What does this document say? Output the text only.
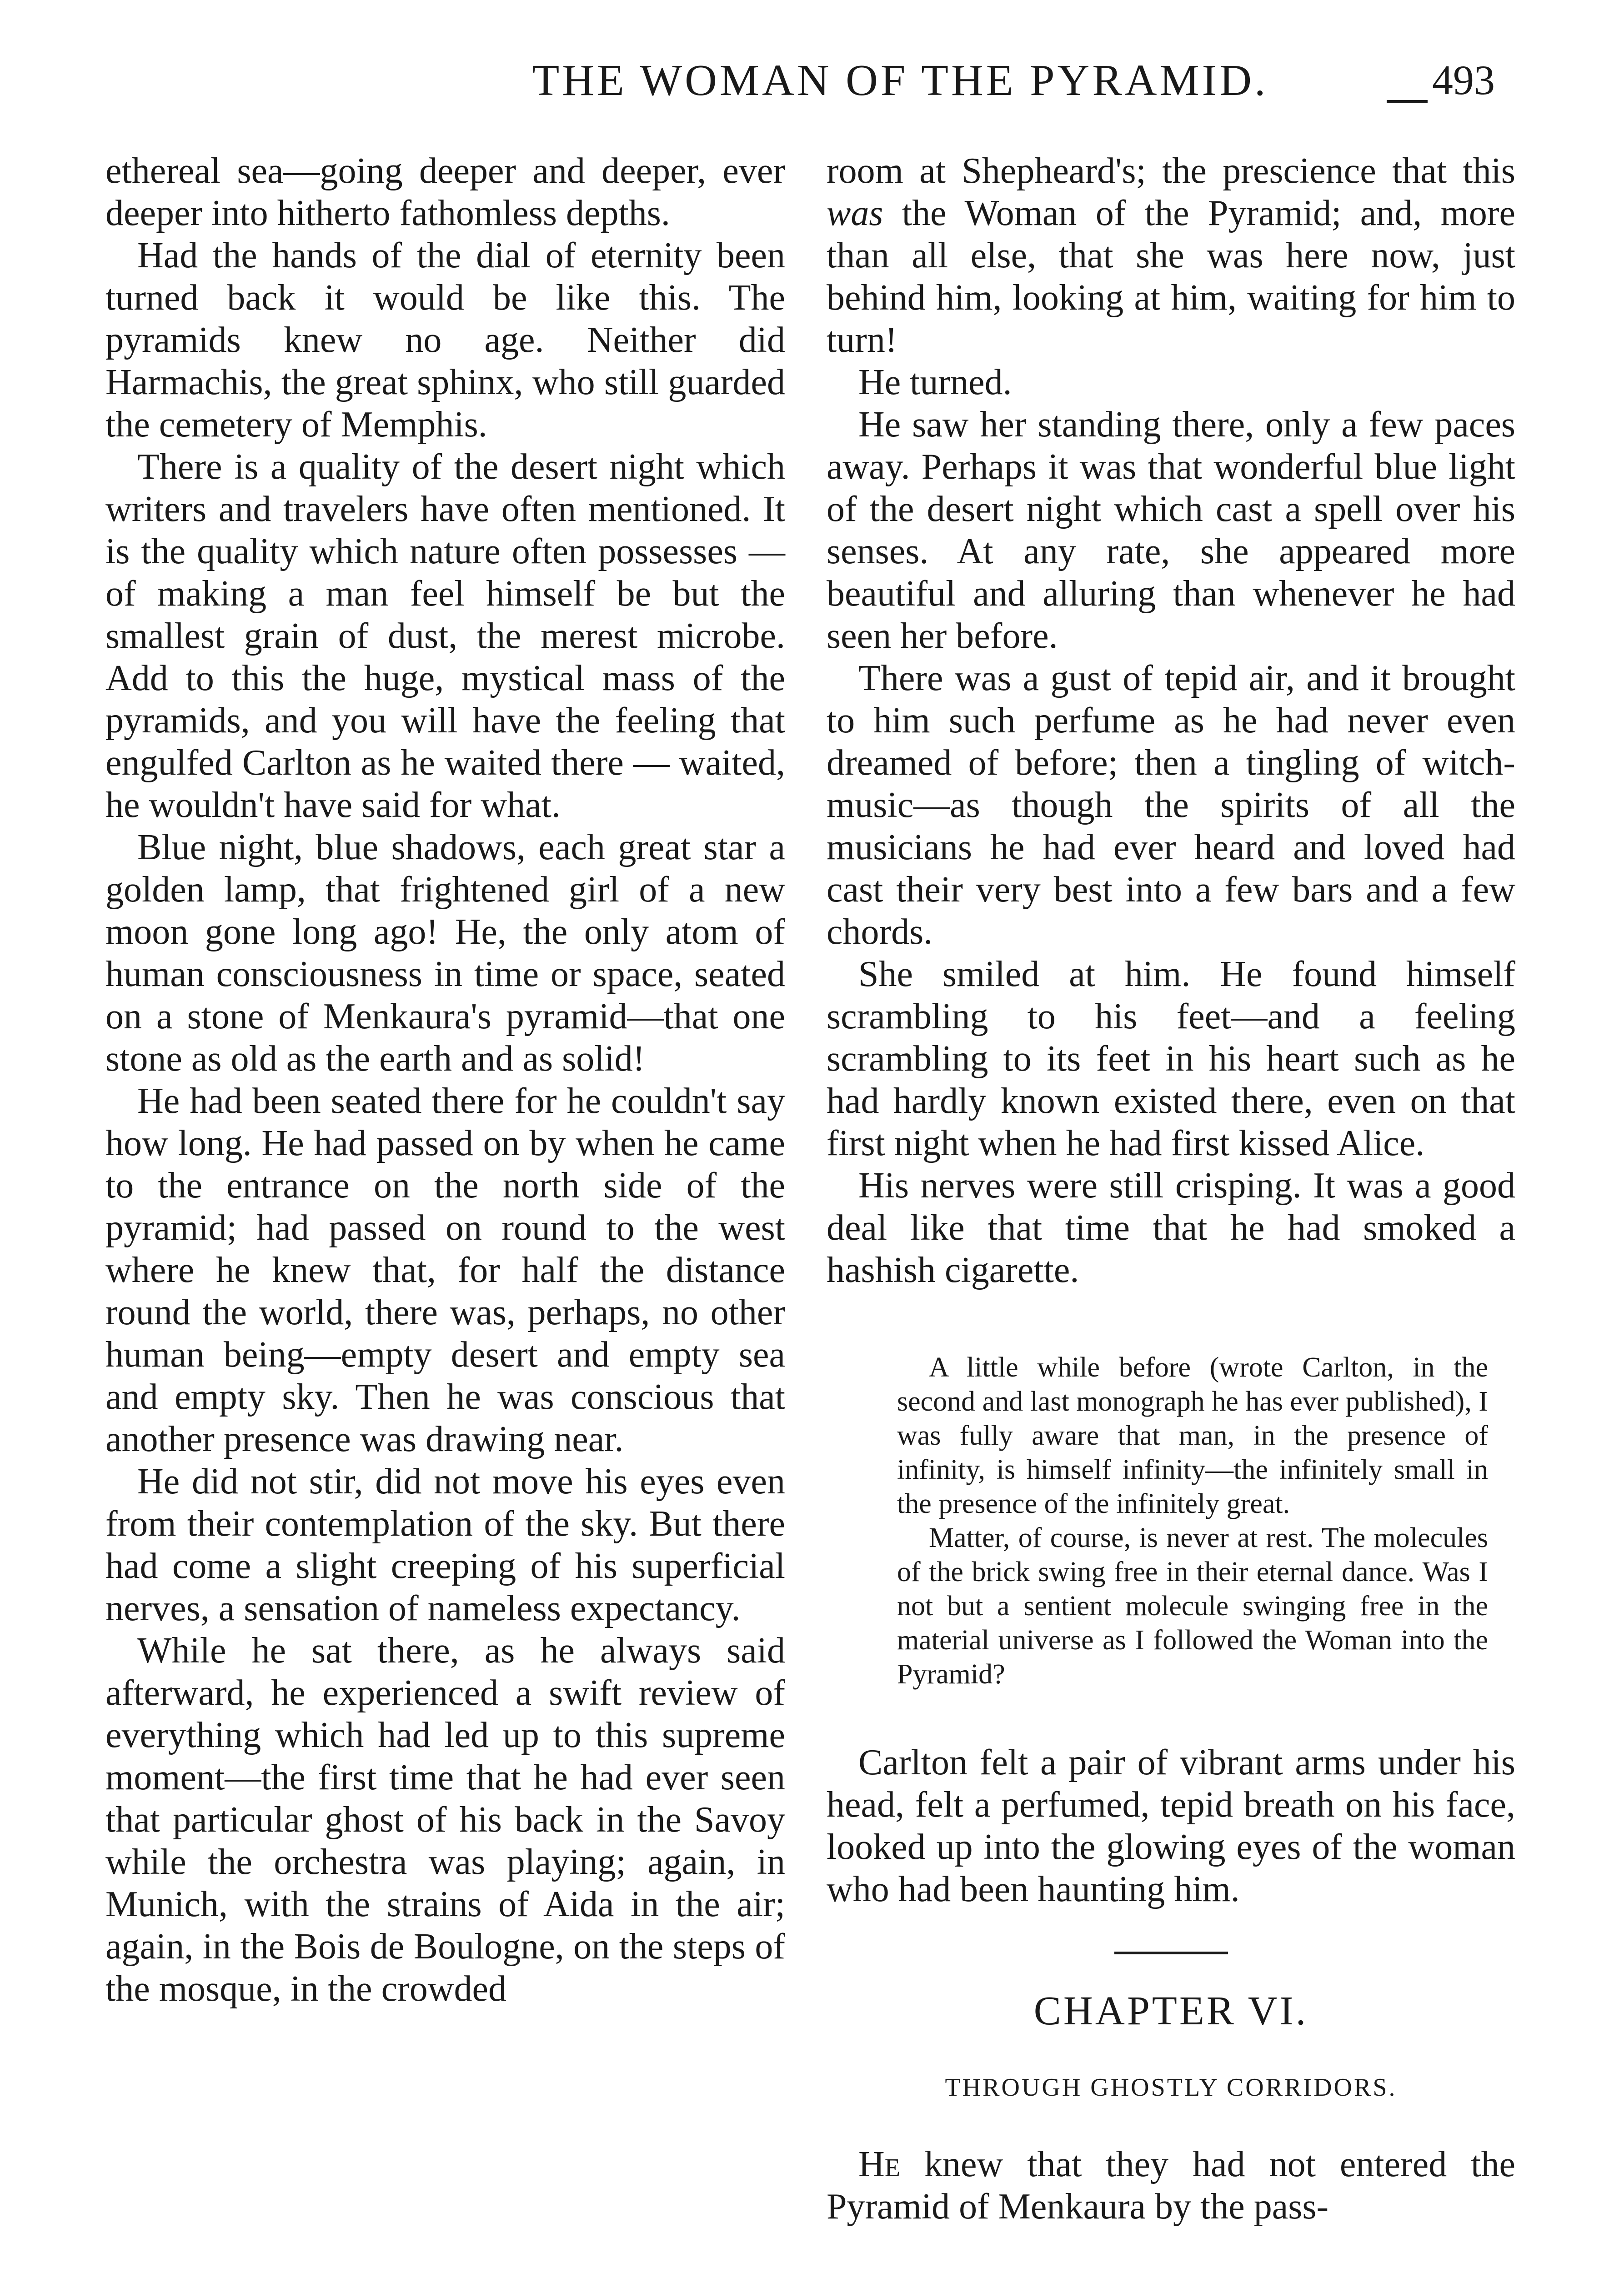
THE WOMAN OF THE PYRAMID.	493

ethereal sea—going deeper and deeper, ever deeper into hitherto fathomless depths.

Had the hands of the dial of eternity been turned back it would be like this. The pyramids knew no age. Neither did Harmachis, the great sphinx, who still guarded the cemetery of Memphis.

There is a quality of the desert night which writers and travelers have often mentioned. It is the quality which nature often possesses — of making a man feel himself be but the smallest grain of dust, the merest microbe. Add to this the huge, mystical mass of the pyramids, and you will have the feeling that engulfed Carlton as he waited there — waited, he wouldn't have said for what.

Blue night, blue shadows, each great star a golden lamp, that frightened girl of a new moon gone long ago! He, the only atom of human consciousness in time or space, seated on a stone of Menkaura's pyramid—that one stone as old as the earth and as solid!

He had been seated there for he couldn't say how long. He had passed on by when he came to the entrance on the north side of the pyramid; had passed on round to the west where he knew that, for half the distance round the world, there was, perhaps, no other human being—empty desert and empty sea and empty sky. Then he was conscious that another presence was drawing near.

He did not stir, did not move his eyes even from their contemplation of the sky. But there had come a slight creeping of his superficial nerves, a sensation of nameless expectancy.

While he sat there, as he always said afterward, he experienced a swift review of everything which had led up to this supreme moment—the first time that he had ever seen that particular ghost of his back in the Savoy while the orchestra was playing; again, in Munich, with the strains of Aida in the air; again, in the Bois de Boulogne, on the steps of the mosque, in the crowded

room at Shepheard's; the prescience that this was the Woman of the Pyramid; and, more than all else, that she was here now, just behind him, looking at him, waiting for him to turn!

He turned.

He saw her standing there, only a few paces away. Perhaps it was that wonderful blue light of the desert night which cast a spell over his senses. At any rate, she appeared more beautiful and alluring than whenever he had seen her before.

There was a gust of tepid air, and it brought to him such perfume as he had never even dreamed of before; then a tingling of witch-music—as though the spirits of all the musicians he had ever heard and loved had cast their very best into a few bars and a few chords.

She smiled at him. He found himself scrambling to his feet—and a feeling scrambling to its feet in his heart such as he had hardly known existed there, even on that first night when he had first kissed Alice.

His nerves were still crisping. It was a good deal like that time that he had smoked a hashish cigarette.

A little while before (wrote Carlton, in the second and last monograph he has ever published), I was fully aware that man, in the presence of infinity, is himself infinity—the infinitely small in the presence of the infinitely great.

Matter, of course, is never at rest. The molecules of the brick swing free in their eternal dance. Was I not but a sentient molecule swinging free in the material universe as I followed the Woman into the Pyramid?

Carlton felt a pair of vibrant arms under his head, felt a perfumed, tepid breath on his face, looked up into the glowing eyes of the woman who had been haunting him.

CHAPTER VI.
THROUGH GHOSTLY CORRIDORS.

He knew that they had not entered the Pyramid of Menkaura by the pass-
